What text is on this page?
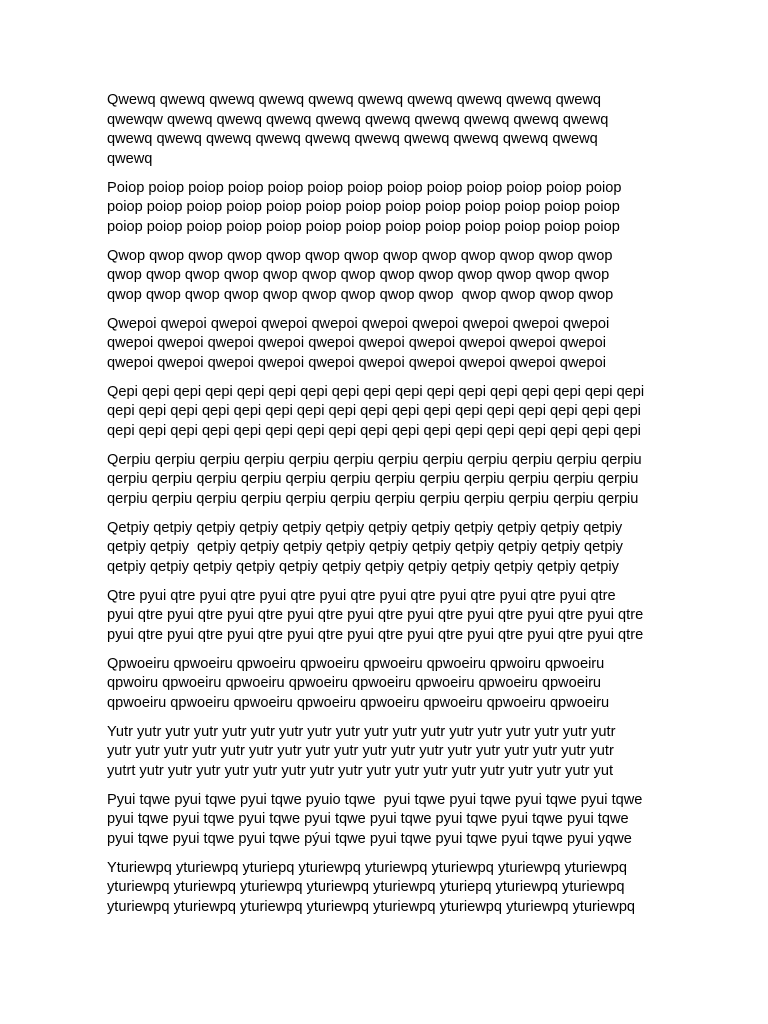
Qwewq qwewq qwewq qwewq qwewq qwewq qwewq qwewq qwewq qwewq
qwewqw qwewq qwewq qwewq qwewq qwewq qwewq qwewq qwewq qwewq
qwewq qwewq qwewq qwewq qwewq qwewq qwewq qwewq qwewq qwewq
qwewq
Poiop poiop poiop poiop poiop poiop poiop poiop poiop poiop poiop poiop poiop
poiop poiop poiop poiop poiop poiop poiop poiop poiop poiop poiop poiop poiop
poiop poiop poiop poiop poiop poiop poiop poiop poiop poiop poiop poiop poiop
Qwop qwop qwop qwop qwop qwop qwop qwop qwop qwop qwop qwop qwop
qwop qwop qwop qwop qwop qwop qwop qwop qwop qwop qwop qwop qwop
qwop qwop qwop qwop qwop qwop qwop qwop qwop  qwop qwop qwop qwop
Qwepoi qwepoi qwepoi qwepoi qwepoi qwepoi qwepoi qwepoi qwepoi qwepoi
qwepoi qwepoi qwepoi qwepoi qwepoi qwepoi qwepoi qwepoi qwepoi qwepoi
qwepoi qwepoi qwepoi qwepoi qwepoi qwepoi qwepoi qwepoi qwepoi qwepoi
Qepi qepi qepi qepi qepi qepi qepi qepi qepi qepi qepi qepi qepi qepi qepi qepi qepi
qepi qepi qepi qepi qepi qepi qepi qepi qepi qepi qepi qepi qepi qepi qepi qepi qepi
qepi qepi qepi qepi qepi qepi qepi qepi qepi qepi qepi qepi qepi qepi qepi qepi qepi
Qerpiu qerpiu qerpiu qerpiu qerpiu qerpiu qerpiu qerpiu qerpiu qerpiu qerpiu qerpiu
qerpiu qerpiu qerpiu qerpiu qerpiu qerpiu qerpiu qerpiu qerpiu qerpiu qerpiu qerpiu
qerpiu qerpiu qerpiu qerpiu qerpiu qerpiu qerpiu qerpiu qerpiu qerpiu qerpiu qerpiu
Qetpiy qetpiy qetpiy qetpiy qetpiy qetpiy qetpiy qetpiy qetpiy qetpiy qetpiy qetpiy
qetpiy qetpiy  qetpiy qetpiy qetpiy qetpiy qetpiy qetpiy qetpiy qetpiy qetpiy qetpiy
qetpiy qetpiy qetpiy qetpiy qetpiy qetpiy qetpiy qetpiy qetpiy qetpiy qetpiy qetpiy
Qtre pyui qtre pyui qtre pyui qtre pyui qtre pyui qtre pyui qtre pyui qtre pyui qtre
pyui qtre pyui qtre pyui qtre pyui qtre pyui qtre pyui qtre pyui qtre pyui qtre pyui qtre
pyui qtre pyui qtre pyui qtre pyui qtre pyui qtre pyui qtre pyui qtre pyui qtre pyui qtre
Qpwoeiru qpwoeiru qpwoeiru qpwoeiru qpwoeiru qpwoeiru qpwoiru qpwoeiru
qpwoiru qpwoeiru qpwoeiru qpwoeiru qpwoeiru qpwoeiru qpwoeiru qpwoeiru
qpwoeiru qpwoeiru qpwoeiru qpwoeiru qpwoeiru qpwoeiru qpwoeiru qpwoeiru
Yutr yutr yutr yutr yutr yutr yutr yutr yutr yutr yutr yutr yutr yutr yutr yutr yutr yutr
yutr yutr yutr yutr yutr yutr yutr yutr yutr yutr yutr yutr yutr yutr yutr yutr yutr yutr
yutrt yutr yutr yutr yutr yutr yutr yutr yutr yutr yutr yutr yutr yutr yutr yutr yutr yut
Pyui tqwe pyui tqwe pyui tqwe pyuio tqwe  pyui tqwe pyui tqwe pyui tqwe pyui tqwe
pyui tqwe pyui tqwe pyui tqwe pyui tqwe pyui tqwe pyui tqwe pyui tqwe pyui tqwe
pyui tqwe pyui tqwe pyui tqwe pýui tqwe pyui tqwe pyui tqwe pyui tqwe pyui yqwe
Yturiewpq yturiewpq yturiepq yturiewpq yturiewpq yturiewpq yturiewpq yturiewpq
yturiewpq yturiewpq yturiewpq yturiewpq yturiewpq yturiepq yturiewpq yturiewpq
yturiewpq yturiewpq yturiewpq yturiewpq yturiewpq yturiewpq yturiewpq yturiewpq
